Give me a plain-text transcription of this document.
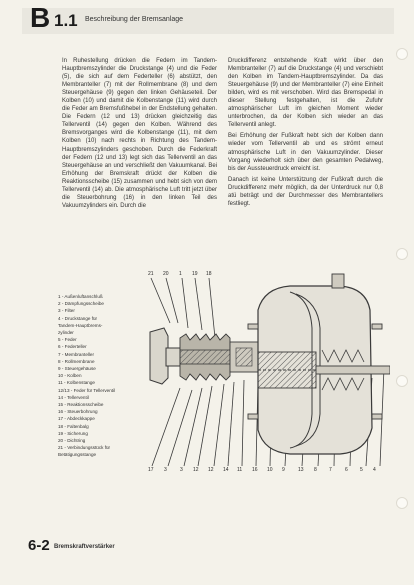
B 1.1 Beschreibung der Bremsanlage

In Ruhestellung drücken die Federn im Tandem-Hauptbremszylinder die Druckstange (4) und die Feder (5), die sich auf dem Federteller (6) abstützt, den Membranteller (7) mit der Rollmembrane (8) und dem Steuergehäuse (9) gegen den linken Gehäuseteil. Der Kolben (10) und damit die Kolbenstange (11) wird durch die Feder am Bremsfußhebel in der Endstellung gehalten. Die Federn (12 und 13) drücken gleichzeitig das Tellerventil (14) gegen den Kolben. Während des Bremsvorganges wird die Kolbenstange (11), mit dem Kolben (10) nach rechts in Richtung des Tandem-Hauptbremszylinders geschoben. Durch die Federkraft der Federn (12 und 13) legt sich das Tellerventil an das Steuergehäuse an und verschließt den Vakuumkanal. Bei Erhöhung der Bremskraft drückt der Kolben die Reaktionsscheibe (15) zusammen und hebt sich von dem Tellerventil (14) ab. Die atmosphärische Luft tritt jetzt über die Steuerbohrung (16) in den linken Teil des Vakuumzylinders ein. Durch die

Druckdifferenz entstehende Kraft wirkt über den Membranteller (7) auf die Druckstange (4) und verschiebt den Kolben im Tandem-Hauptbremszylinder. Da das Steuergehäuse (9) und der Membranteller (7) eine Einheit bilden, wird es mit verschoben. Wird das Bremspedal in dieser Stellung festgehalten, ist die Zufuhr atmosphärischer Luft im gleichen Moment wieder unterbrochen, da der Kolben sich wieder an das Tellerventil anlegt.

Bei Erhöhung der Fußkraft hebt sich der Kolben dann wieder vom Tellerventil ab und es strömt erneut atmosphärische Luft in den Vakuumzylinder. Dieser Vorgang wiederholt sich über den gesamten Pedalweg, bis der Aussteuerdruck erreicht ist.

Danach ist keine Unterstützung der Fußkraft durch die Druckdifferenz mehr möglich, da der Unterdruck nur 0,8 atü beträgt und der Durchmesser des Membrantellers festliegt.

21 20 1 19 18
17 3	3 12 12 14 11 16 10 9	13 8 7	6 5 4
1 - Außenluftanschluß
2 - Dämpfungsscheibe
3 - Filter
4 - Druckstange für
Tandem-Hauptbrems-
zylinder
5 - Feder
6 - Federteller
7 - Membranteller
8 - Rollmembrane
9 - Steuergehäuse
10 - Kolben
11 - Kolbenstange
12/13 - Feder für Tellerventil
14 - Tellerventil
15 - Reaktionsscheibe
16 - Steuerbohrung
17 - Abdeckkappe
18 - Faltenbalg
19 - Sicherung
20 - Dichtring
21 - Verbindungsstück für
Betätigungsstange
6-2 Bremskraftverstärker
